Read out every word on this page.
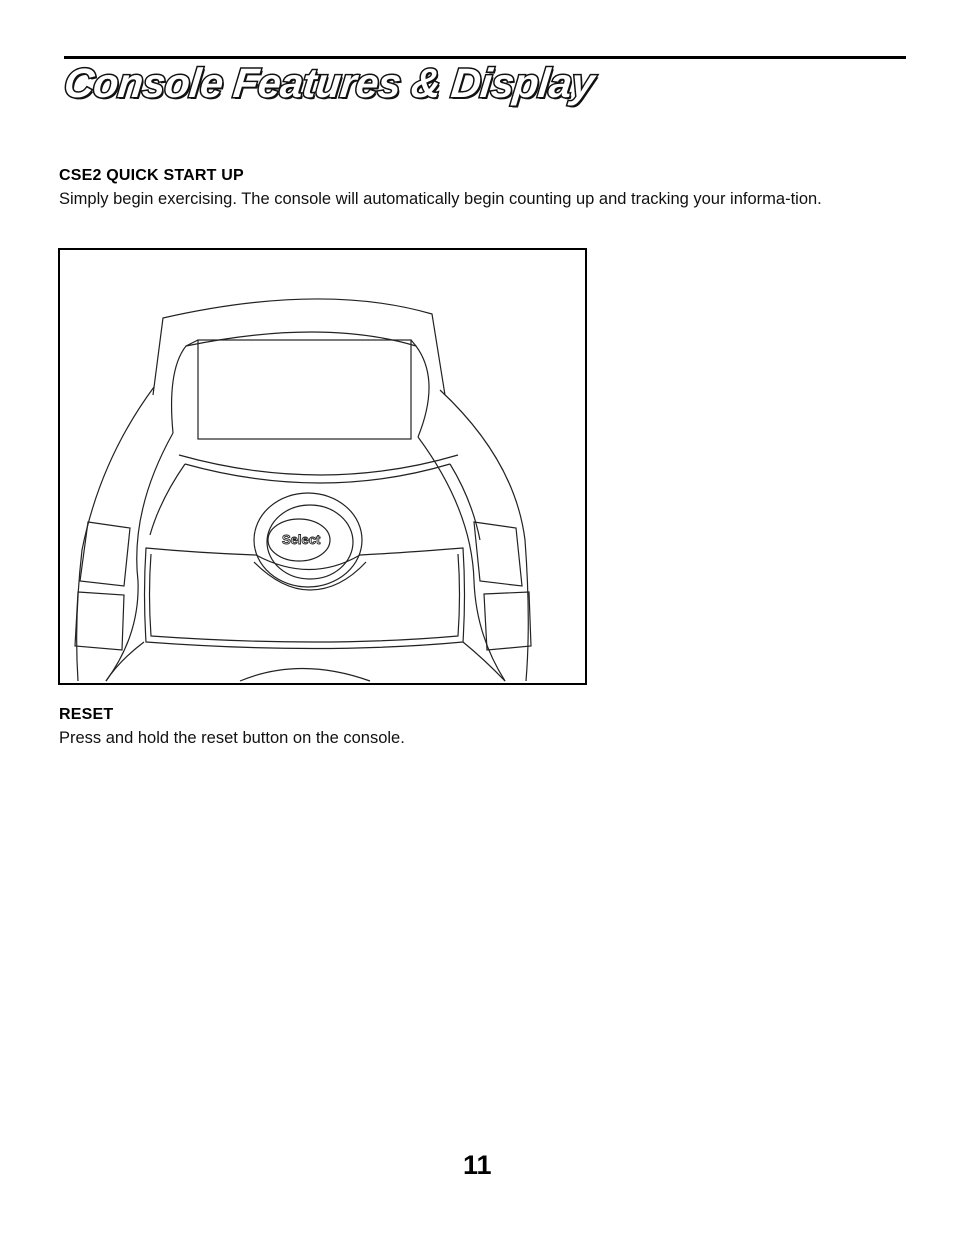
Console Features & Display
CSE2 QUICK START UP

Simply begin exercising. The console will automatically begin counting up and tracking your informa-tion.

Select
RESET

Press and hold the reset button on the console.

11
